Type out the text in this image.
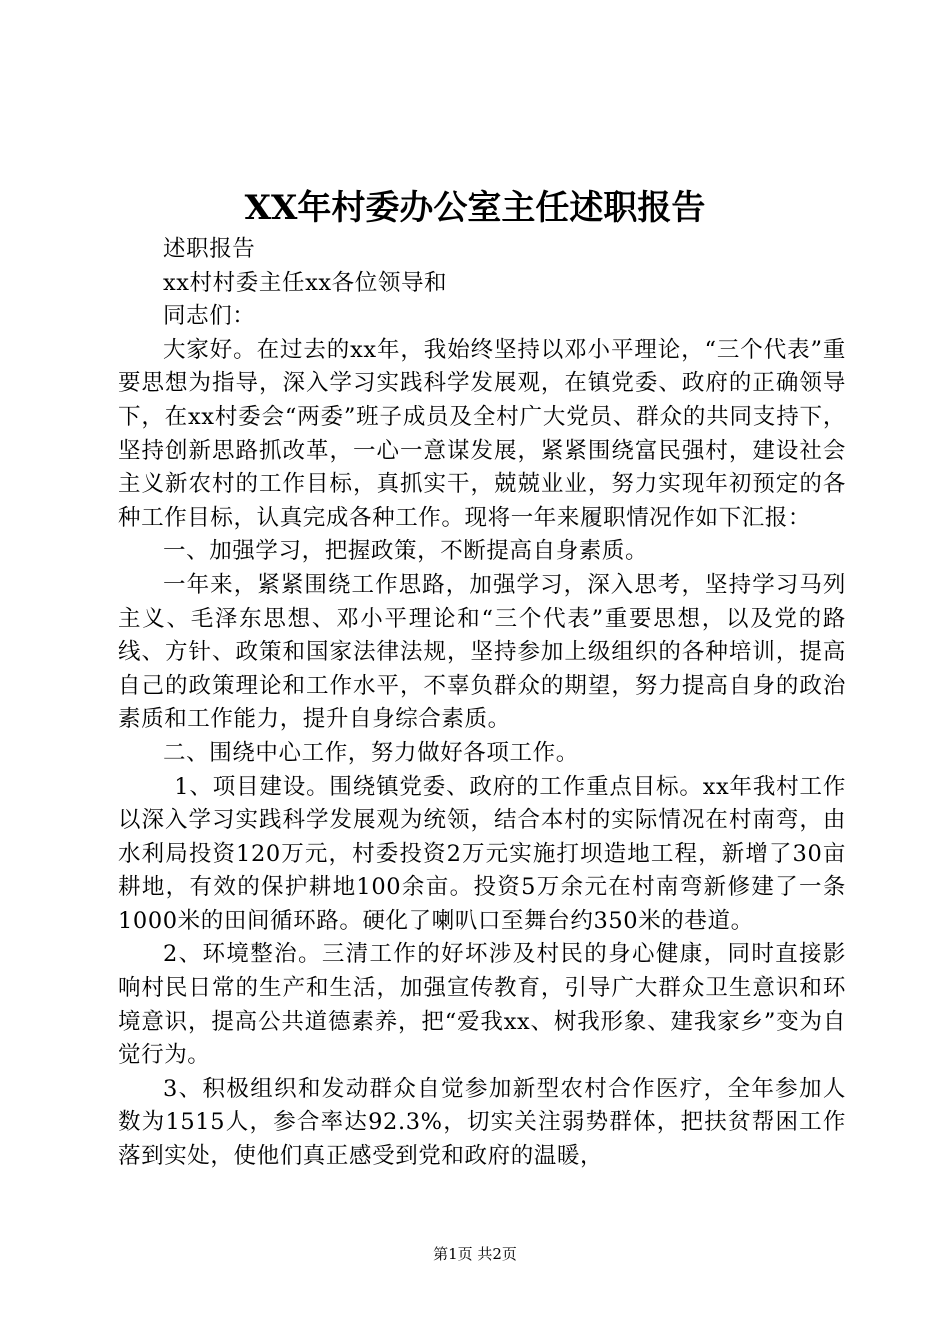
XX年村委办公室主任述职报告

述职报告

xx村村委主任xx各位领导和

同志们：

大家好。在过去的xx年，我始终坚持以邓小平理论，“三个代表”重要思想为指导，深入学习实践科学发展观，在镇党委、政府的正确领导下，在xx村委会“两委”班子成员及全村广大党员、群众的共同支持下，坚持创新思路抓改革，一心一意谋发展，紧紧围绕富民强村，建设社会主义新农村的工作目标，真抓实干，兢兢业业，努力实现年初预定的各种工作目标，认真完成各种工作。现将一年来履职情况作如下汇报：

一、加强学习，把握政策，不断提高自身素质。

一年来，紧紧围绕工作思路，加强学习，深入思考，坚持学习马列主义、毛泽东思想、邓小平理论和“三个代表”重要思想，以及党的路线、方针、政策和国家法律法规，坚持参加上级组织的各种培训，提高自己的政策理论和工作水平，不辜负群众的期望，努力提高自身的政治素质和工作能力，提升自身综合素质。

二、围绕中心工作，努力做好各项工作。

1、项目建设。围绕镇党委、政府的工作重点目标。xx年我村工作以深入学习实践科学发展观为统领，结合本村的实际情况在村南弯，由水利局投资120万元，村委投资2万元实施打坝造地工程，新增了30亩耕地，有效的保护耕地100余亩。投资5万余元在村南弯新修建了一条1000米的田间循环路。硬化了喇叭口至舞台约350米的巷道。

2、环境整治。三清工作的好坏涉及村民的身心健康，同时直接影响村民日常的生产和生活，加强宣传教育，引导广大群众卫生意识和环境意识，提高公共道德素养，把“爱我xx、树我形象、建我家乡”变为自觉行为。

3、积极组织和发动群众自觉参加新型农村合作医疗，全年参加人数为1515人，参合率达92.3%，切实关注弱势群体，把扶贫帮困工作落到实处，使他们真正感受到党和政府的温暖，

第1页 共2页
